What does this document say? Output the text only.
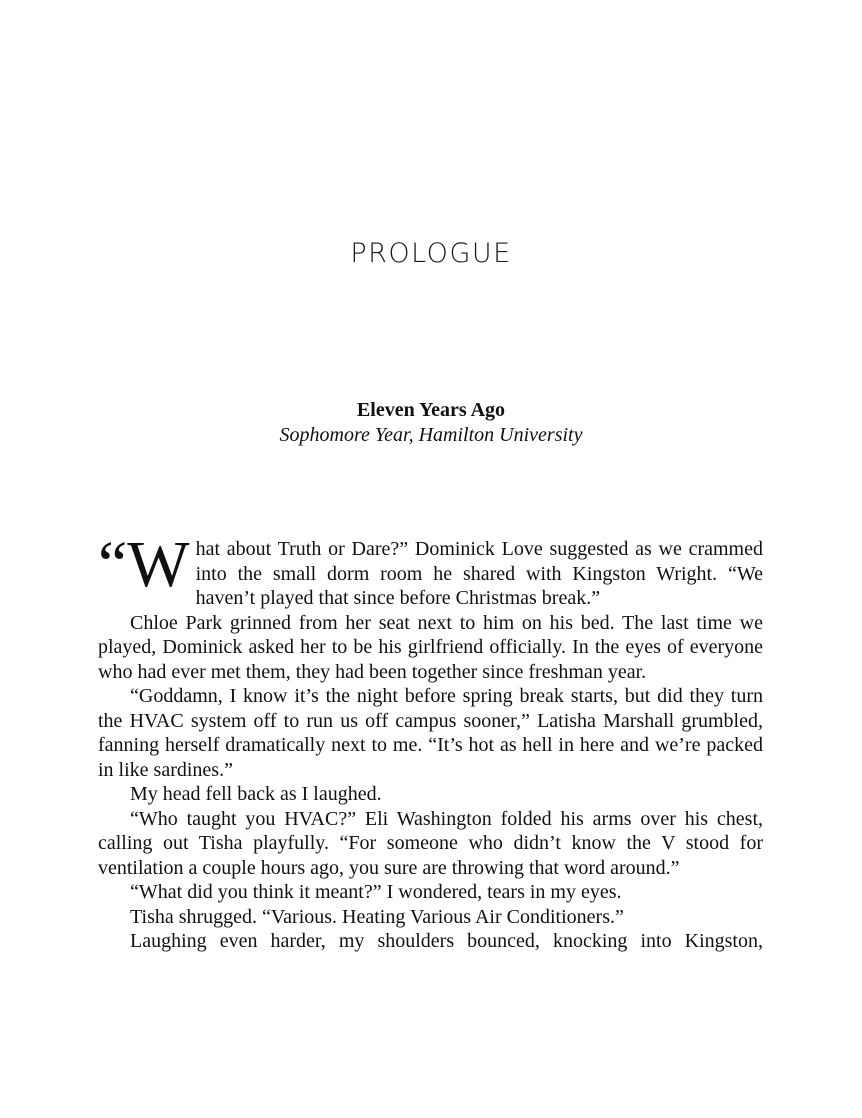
PROLOGUE
Eleven Years Ago
Sophomore Year, Hamilton University

“What about Truth or Dare?” Dominick Love suggested as we crammed into the small dorm room he shared with Kingston Wright. “We haven’t played that since before Christmas break.”

Chloe Park grinned from her seat next to him on his bed. The last time we played, Dominick asked her to be his girlfriend officially. In the eyes of everyone who had ever met them, they had been together since freshman year.

“Goddamn, I know it’s the night before spring break starts, but did they turn the HVAC system off to run us off campus sooner,” Latisha Marshall grumbled, fanning herself dramatically next to me. “It’s hot as hell in here and we’re packed in like sardines.”

My head fell back as I laughed.

“Who taught you HVAC?” Eli Washington folded his arms over his chest, calling out Tisha playfully. “For someone who didn’t know the V stood for ventilation a couple hours ago, you sure are throwing that word around.”

“What did you think it meant?” I wondered, tears in my eyes.

Tisha shrugged. “Various. Heating Various Air Conditioners.”

Laughing even harder, my shoulders bounced, knocking into Kingston,
